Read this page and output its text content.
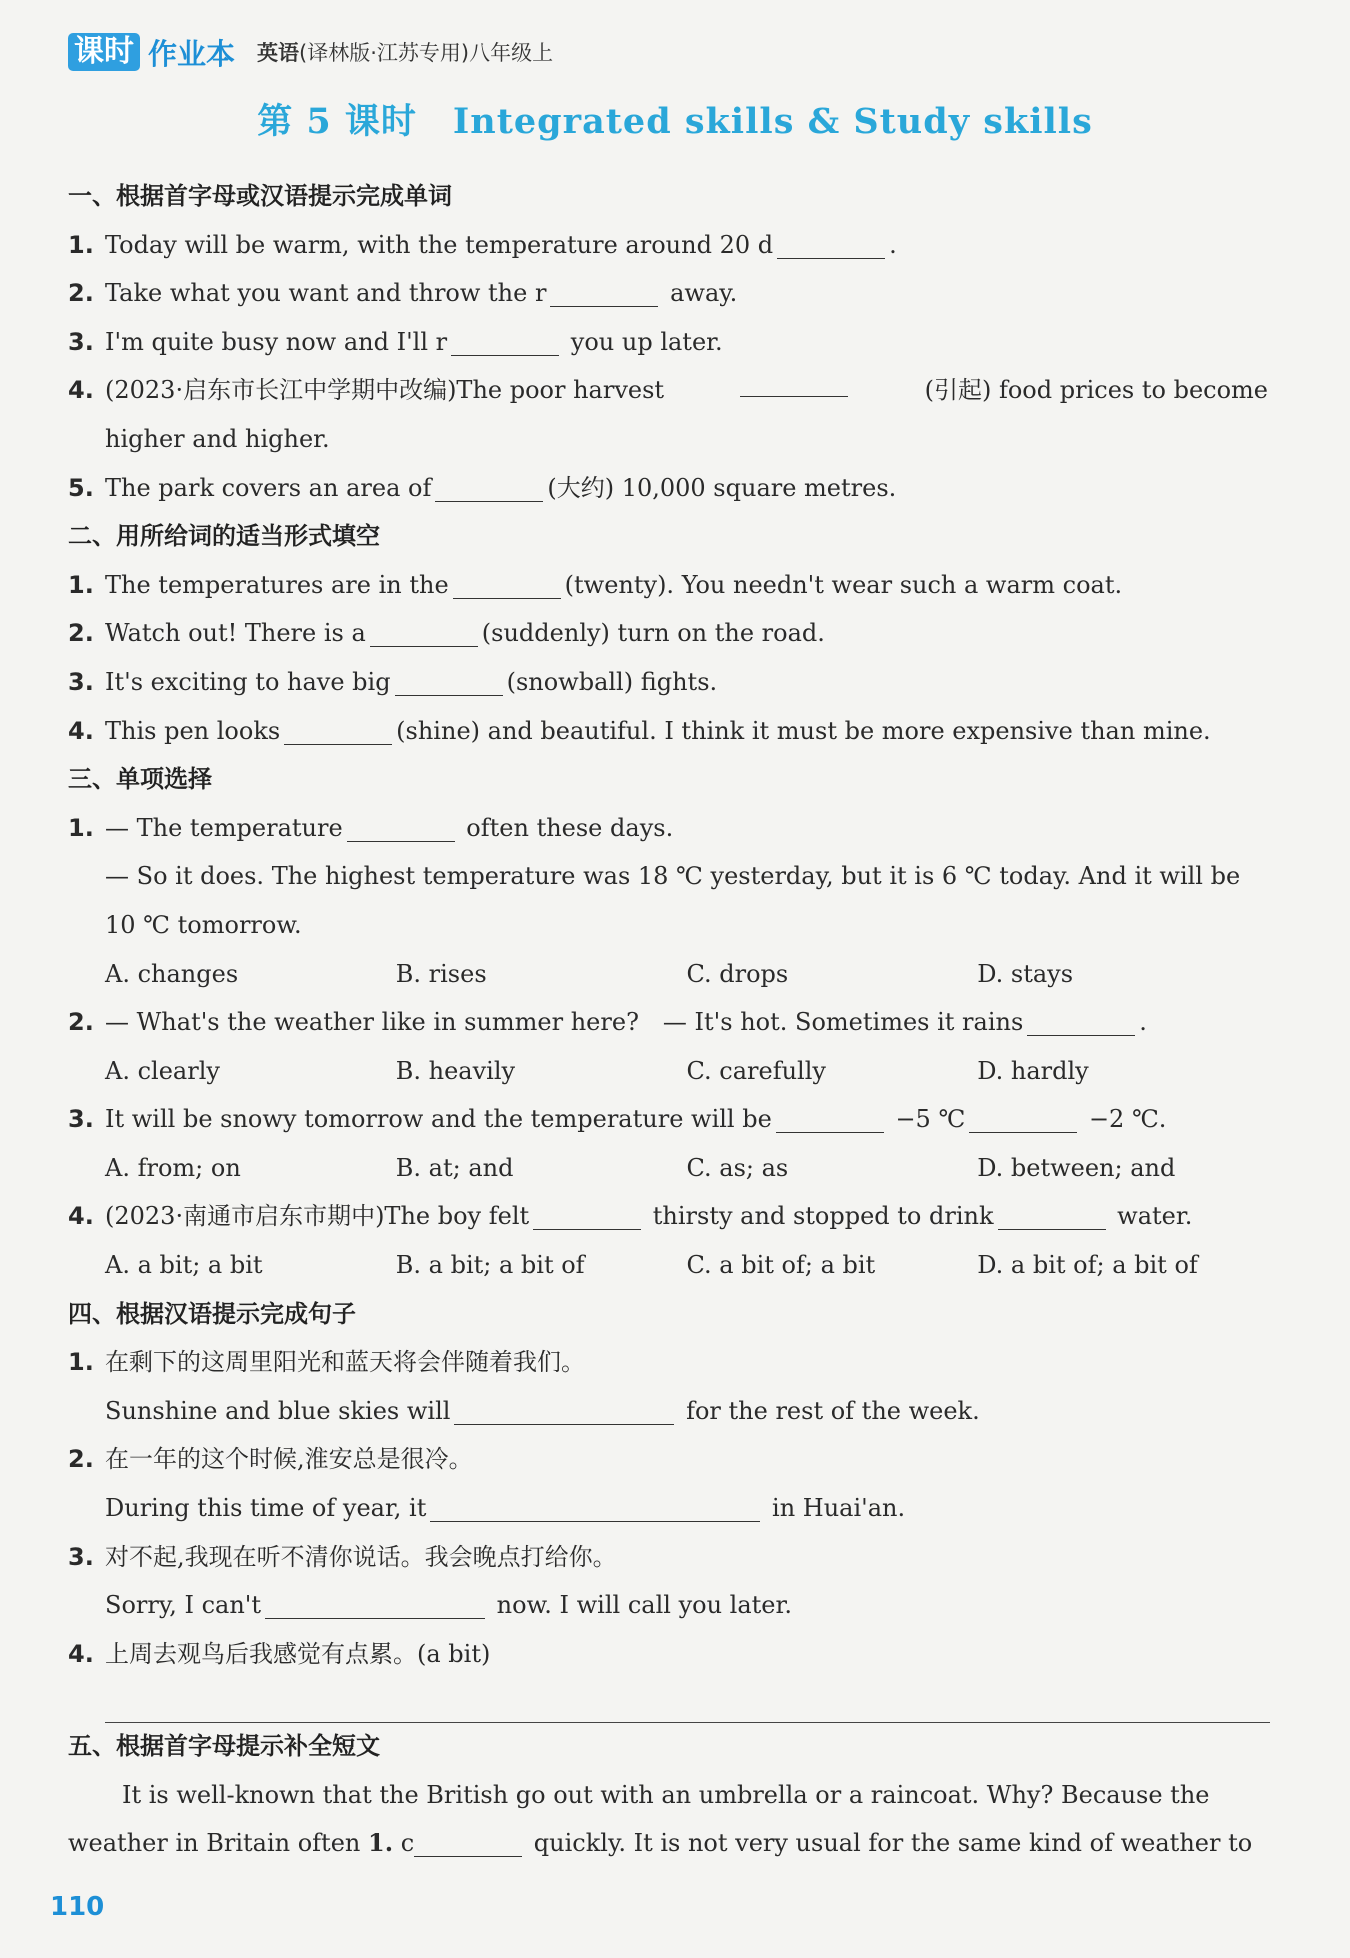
课时 作业本 英语(译林版·江苏专用)八年级上
第 5 课时　Integrated skills & Study skills
一、根据首字母或汉语提示完成单词
1. Today will be warm, with the temperature around 20 d	.
2. Take what you want and throw the r	away.
3. I'm quite busy now and I'll r	you up later.
4. (2023·启东市长江中学期中改编)The poor harvest	(引起) food prices to become
higher and higher.
5. The park covers an area of	(大约) 10,000 square metres.
二、用所给词的适当形式填空
1. The temperatures are in the	(twenty). You needn't wear such a warm coat.
2. Watch out! There is a	(suddenly) turn on the road.
3. It's exciting to have big	(snowball) fights.
4. This pen looks	(shine) and beautiful. I think it must be more expensive than mine.
三、单项选择
1. — The temperature	often these days.
— So it does. The highest temperature was 18 ℃ yesterday, but it is 6 ℃ today. And it will be
10 ℃ tomorrow.
A. changes	B. rises	C. drops	D. stays
2. — What's the weather like in summer here?　— It's hot. Sometimes it rains	.
A. clearly	B. heavily	C. carefully	D. hardly
3. It will be snowy tomorrow and the temperature will be	−5 ℃	−2 ℃.
A. from; on	B. at; and	C. as; as	D. between; and
4. (2023·南通市启东市期中)The boy felt	thirsty and stopped to drink	water.
A. a bit; a bit	B. a bit; a bit of	C. a bit of; a bit	D. a bit of; a bit of
四、根据汉语提示完成句子
1. 在剩下的这周里阳光和蓝天将会伴随着我们。
Sunshine and blue skies will	for the rest of the week.
2. 在一年的这个时候,淮安总是很冷。
During this time of year, it	in Huai'an.
3. 对不起,我现在听不清你说话。我会晚点打给你。
Sorry, I can't	now. I will call you later.
4. 上周去观鸟后我感觉有点累。(a bit)
五、根据首字母提示补全短文
It is well-known that the British go out with an umbrella or a raincoat. Why? Because the
weather in Britain often 1. c	quickly. It is not very usual for the same kind of weather to
110
